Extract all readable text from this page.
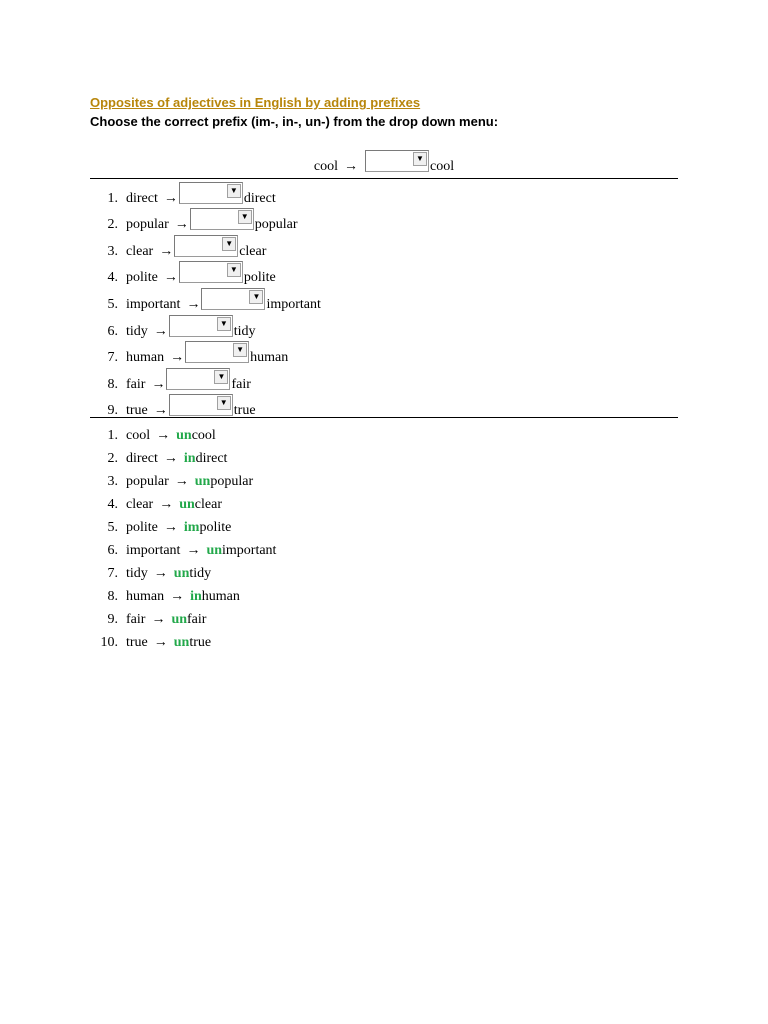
Opposites of adjectives in English by adding prefixes
Choose the correct prefix (im-, in-, un-) from the drop down menu:
cool →
▼
cool
1. direct →
▼
direct
2. popular →
▼
popular
3. clear →
▼
clear
4. polite →
▼
polite
5. important →
▼
important
6. tidy →
▼
tidy
7. human →
▼
human
8. fair →
▼
fair
9. true →
▼
true
1. cool → un cool
2. direct → in direct
3. popular → un popular
4. clear → un clear
5. polite → im polite
6. important → un important
7. tidy → un tidy
8. human → in human
9. fair → un fair
10. true → un true
